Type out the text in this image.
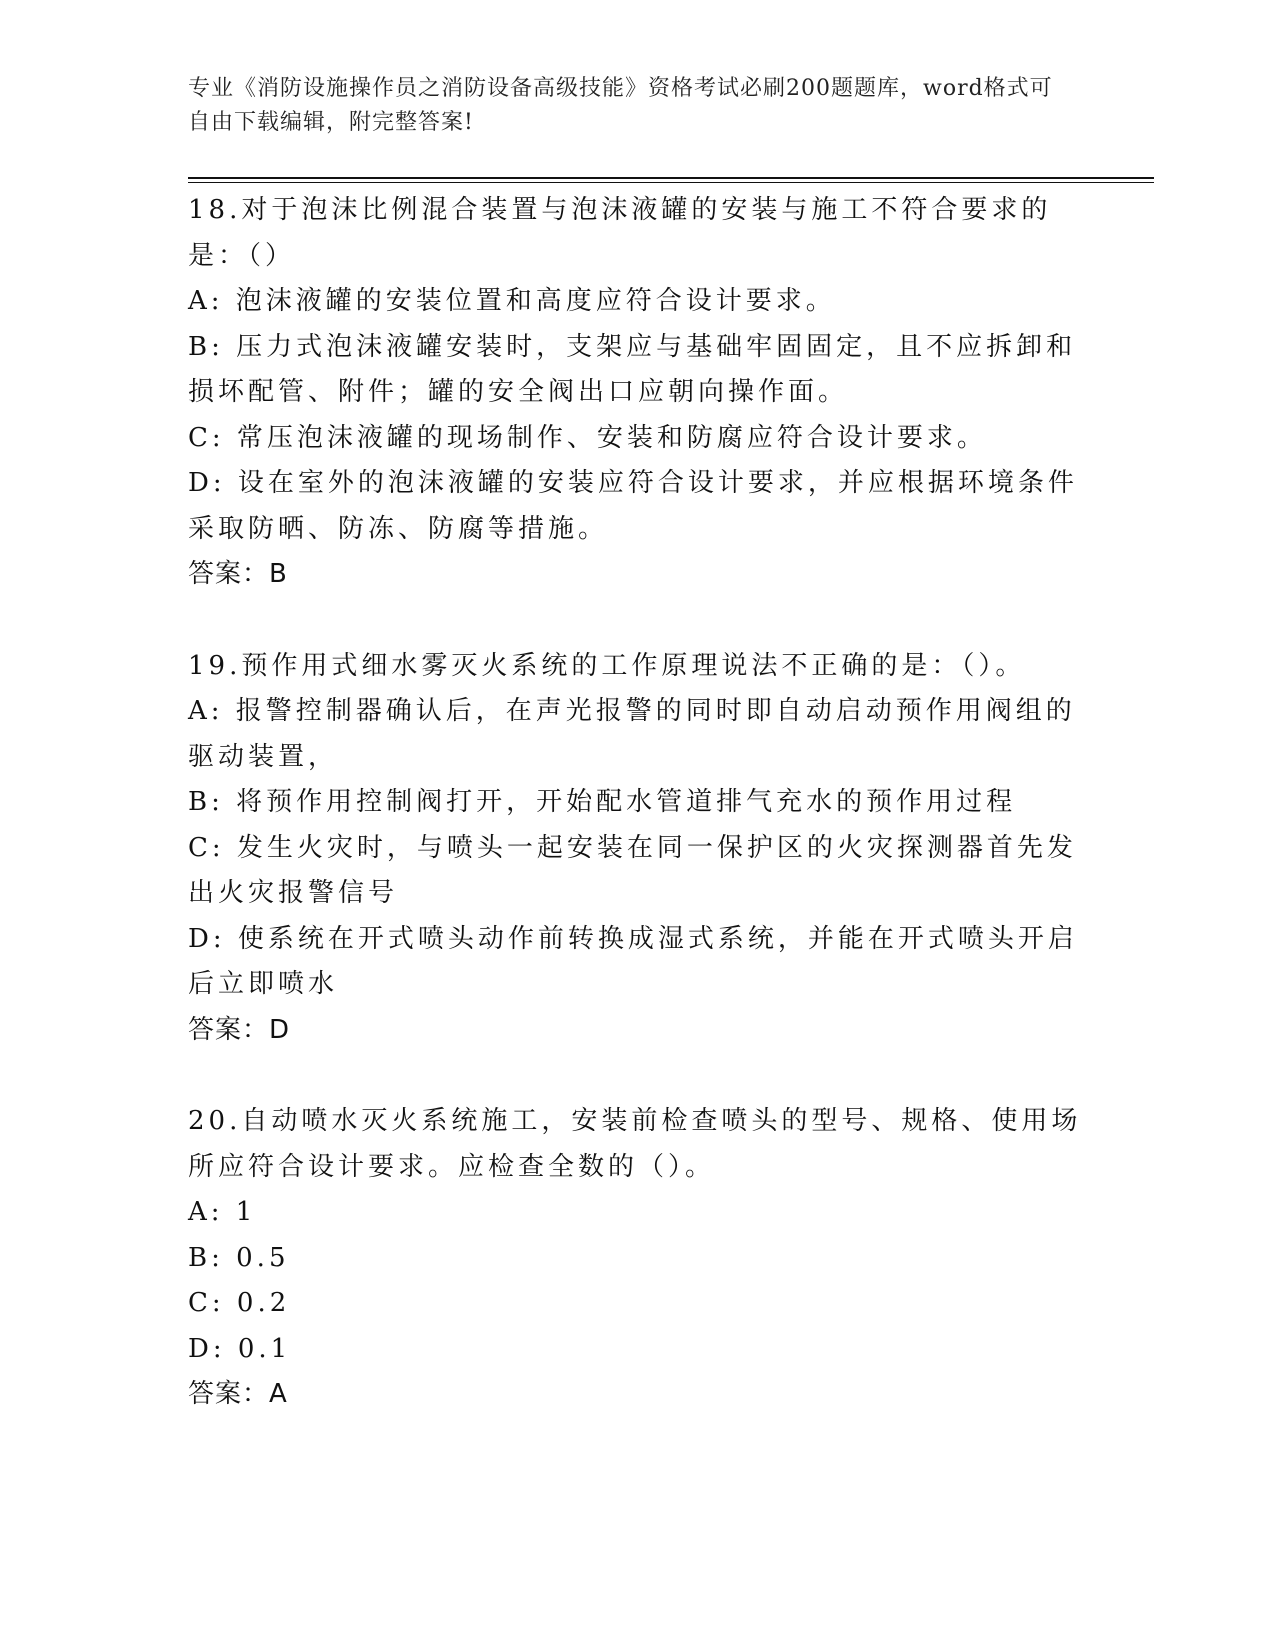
专业《消防设施操作员之消防设备高级技能》资格考试必刷200题题库，word格式可自由下载编辑，附完整答案!

18.对于泡沫比例混合装置与泡沫液罐的安装与施工不符合要求的是：（）

A: 泡沫液罐的安装位置和高度应符合设计要求。

B: 压力式泡沫液罐安装时，支架应与基础牢固固定，且不应拆卸和损坏配管、附件；罐的安全阀出口应朝向操作面。

C: 常压泡沫液罐的现场制作、安装和防腐应符合设计要求。

D: 设在室外的泡沫液罐的安装应符合设计要求，并应根据环境条件采取防晒、防冻、防腐等措施。

答案：B

19.预作用式细水雾灭火系统的工作原理说法不正确的是：（）。

A: 报警控制器确认后，在声光报警的同时即自动启动预作用阀组的驱动装置，

B: 将预作用控制阀打开，开始配水管道排气充水的预作用过程

C: 发生火灾时，与喷头一起安装在同一保护区的火灾探测器首先发出火灾报警信号

D: 使系统在开式喷头动作前转换成湿式系统，并能在开式喷头开启后立即喷水

答案：D

20.自动喷水灭火系统施工，安装前检查喷头的型号、规格、使用场所应符合设计要求。应检查全数的（）。

A: 1

B: 0.5

C: 0.2

D: 0.1

答案：A
